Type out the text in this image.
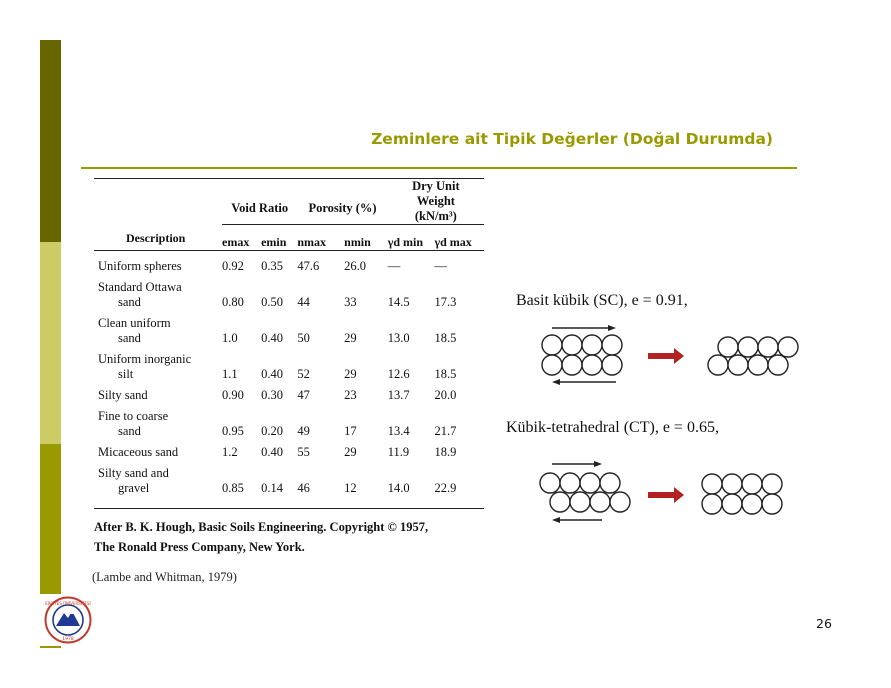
Zeminlere ait Tipik Değerler (Doğal Durumda)
	Void Ratio		Porosity (%)		Dry Unit
Weight
(kN/m³)	

Description	emax	emin	nmax	nmin	γd min	γd max

Uniform spheres	0.92	0.35	47.6	26.0	—	—

Standard Ottawa
sand	0.80	0.50	44	33	14.5	17.3

Clean uniform
sand	1.0	0.40	50	29	13.0	18.5

Uniform inorganic
silt	1.1	0.40	52	29	12.6	18.5

Silty sand	0.90	0.30	47	23	13.7	20.0

Fine to coarse
sand	0.95	0.20	49	17	13.4	21.7

Micaceous sand	1.2	0.40	55	29	11.9	18.9

Silty sand and
gravel	0.85	0.14	46	12	14.0	22.9
After B. K. Hough, Basic Soils Engineering. Copyright © 1957,
The Ronald Press Company, New York.
(Lambe and Whitman, 1979)
Basit kübik (SC), e = 0.91,
Kübik-tetrahedral (CT), e = 0.65,
ERCİYES ÜNİVERSİTESİ
1978
26
